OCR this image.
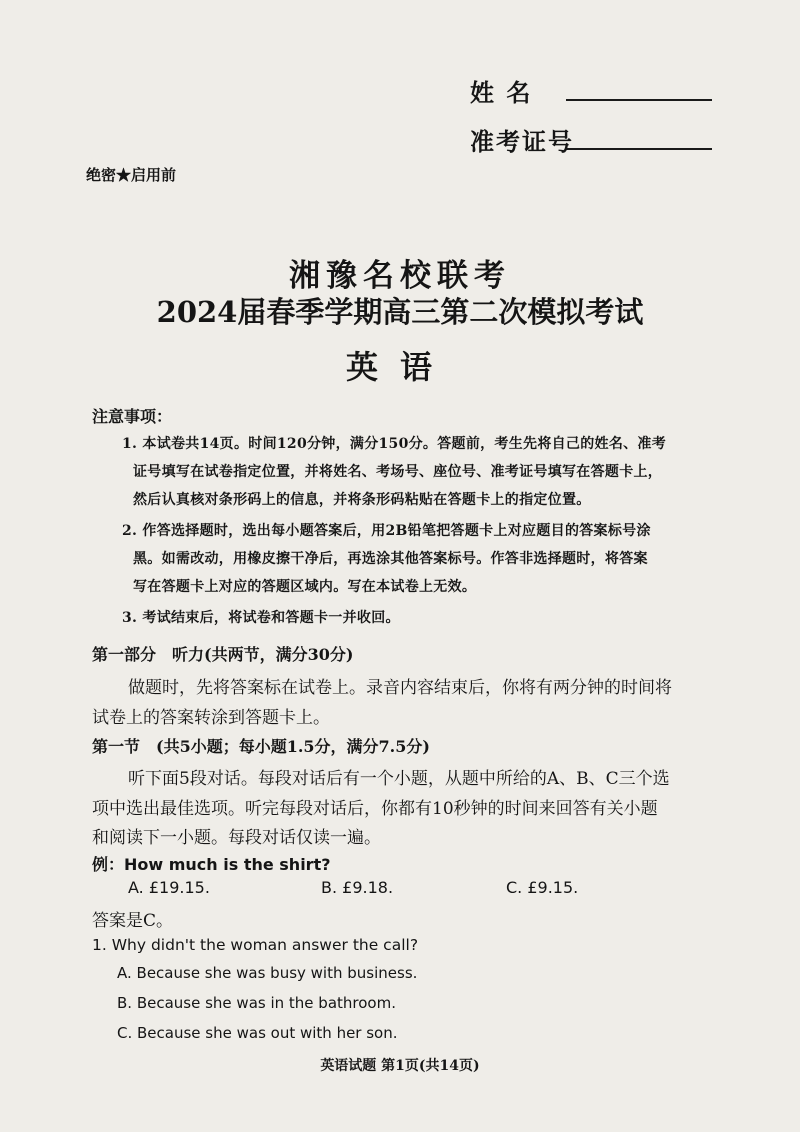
姓 名
准考证号
绝密★启用前
湘豫名校联考
2024届春季学期高三第二次模拟考试
英语
注意事项：
1. 本试卷共14页。时间120分钟，满分150分。答题前，考生先将自己的姓名、准考
证号填写在试卷指定位置，并将姓名、考场号、座位号、准考证号填写在答题卡上，
然后认真核对条形码上的信息，并将条形码粘贴在答题卡上的指定位置。
2. 作答选择题时，选出每小题答案后，用2B铅笔把答题卡上对应题目的答案标号涂
黑。如需改动，用橡皮擦干净后，再选涂其他答案标号。作答非选择题时，将答案
写在答题卡上对应的答题区域内。写在本试卷上无效。
3. 考试结束后，将试卷和答题卡一并收回。
第一部分　听力(共两节，满分30分)
做题时，先将答案标在试卷上。录音内容结束后，你将有两分钟的时间将
试卷上的答案转涂到答题卡上。
第一节　(共5小题；每小题1.5分，满分7.5分)
听下面5段对话。每段对话后有一个小题，从题中所给的A、B、C三个选
项中选出最佳选项。听完每段对话后，你都有10秒钟的时间来回答有关小题
和阅读下一小题。每段对话仅读一遍。
例：How much is the shirt?
A. £19.15.	B. £9.18.	C. £9.15.
答案是C。
1. Why didn't the woman answer the call?
A. Because she was busy with business.
B. Because she was in the bathroom.
C. Because she was out with her son.
英语试题 第1页(共14页)
